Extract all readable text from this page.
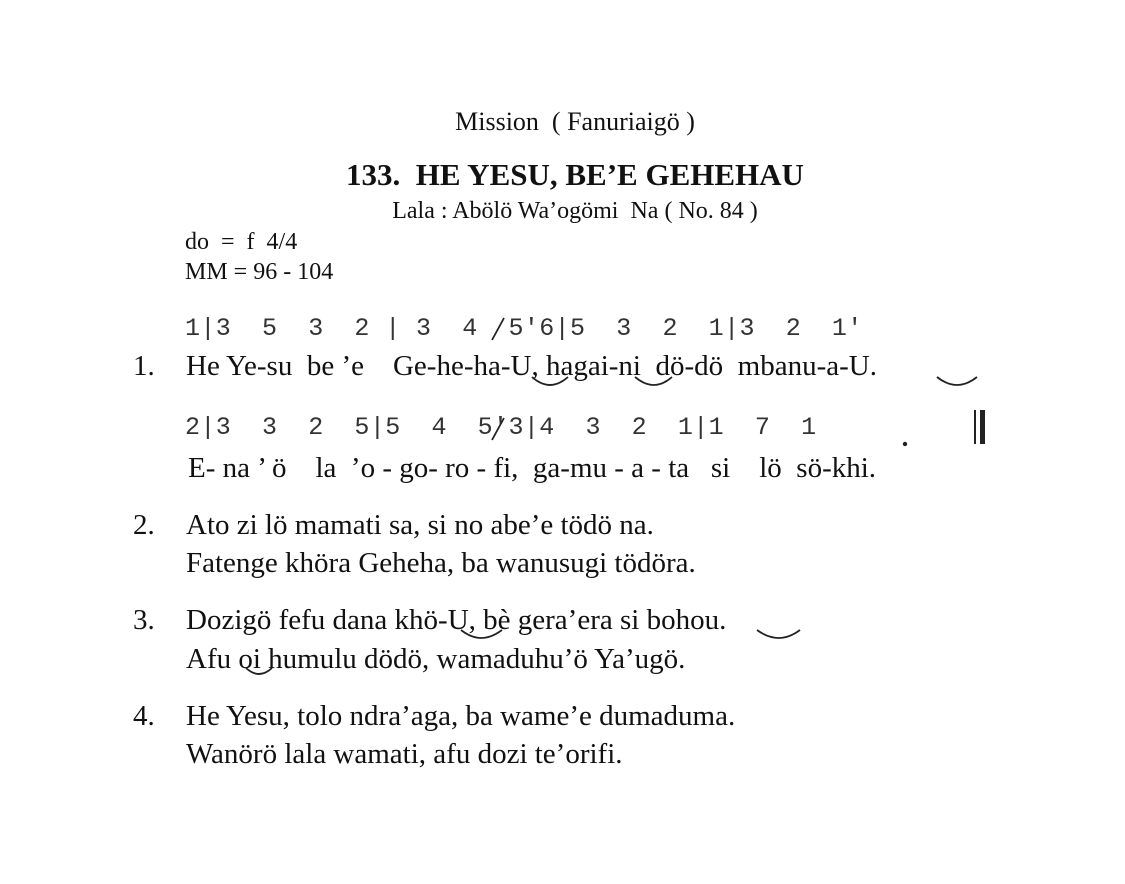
Mission  ( Fanuriaigö )
133.  HE YESU, BE’E GEHEHAU
Lala : Abölö Wa’ogömi  Na ( No. 84 )
do  =  f  4/4
MM = 96 - 104
1|3  5  3  2 | 3  4  5'6|5  3  2  1|3  2  1'
1. He Ye-su  be ’e    Ge-he-ha-U, hagai-ni  dö-dö  mbanu-a-U.
2|3  3  2  5|5  4  5'3|4  3  2  1|1  7  1
E- na ’ ö    la  ’o - go- ro - fi,  ga-mu - a - ta   si    lö  sö-khi.
2. Ato zi lö mamati sa, si no abe’e tödö na.
Fatenge khöra Geheha, ba wanusugi tödöra.
3. Dozigö fefu dana khö-U, bè gera’era si bohou.
Afu oi humulu dödö, wamaduhu’ö Ya’ugö.
4. He Yesu, tolo ndra’aga, ba wame’e dumaduma.
Wanörö lala wamati, afu dozi te’orifi.
